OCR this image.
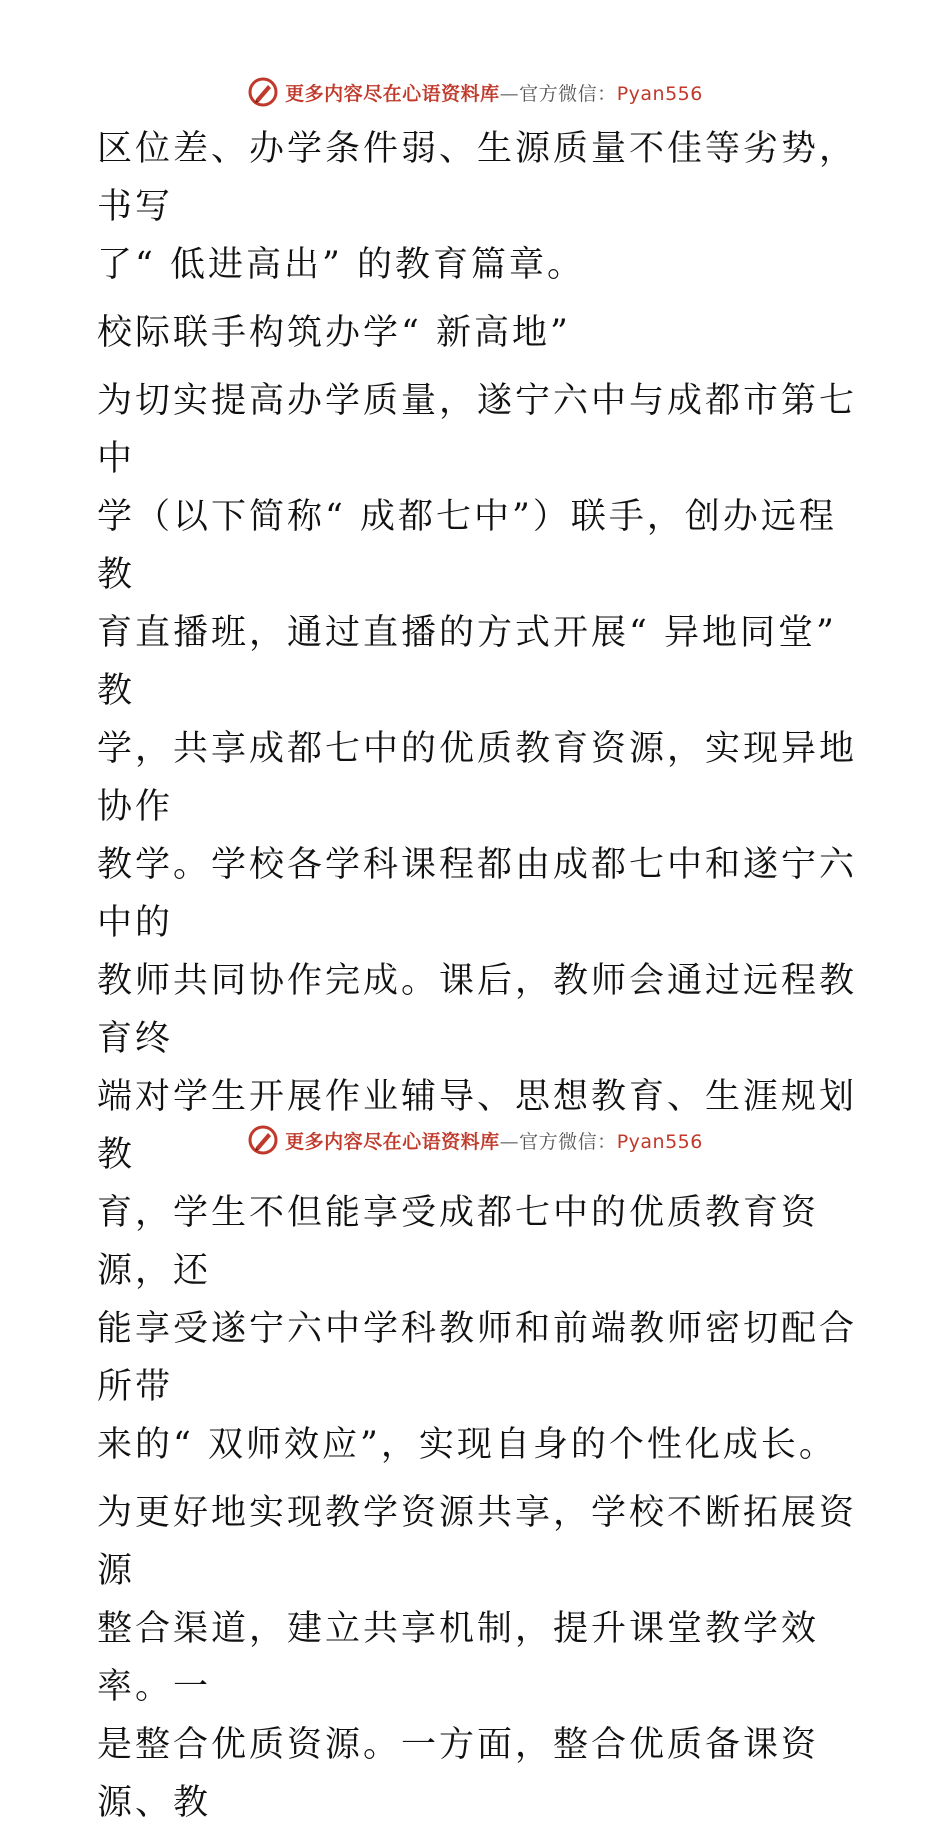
更多内容尽在心语资料库—官方微信：Pyan556

区位差、办学条件弱、生源质量不佳等劣势，书写
了“ 低进高出” 的教育篇章。

校际联手构筑办学“ 新高地”

为切实提高办学质量，遂宁六中与成都市第七中
学（以下简称“ 成都七中”）联手，创办远程教
育直播班，通过直播的方式开展“ 异地同堂” 教
学，共享成都七中的优质教育资源，实现异地协作
教学。学校各学科课程都由成都七中和遂宁六中的
教师共同协作完成。课后，教师会通过远程教育终
端对学生开展作业辅导、思想教育、生涯规划教
育，学生不但能享受成都七中的优质教育资源，还
能享受遂宁六中学科教师和前端教师密切配合所带
来的“ 双师效应”，实现自身的个性化成长。

为更好地实现教学资源共享，学校不断拓展资源
整合渠道，建立共享机制，提升课堂教学效率。一
是整合优质资源。一方面，整合优质备课资源、教

更多内容尽在心语资料库—官方微信：Pyan556
